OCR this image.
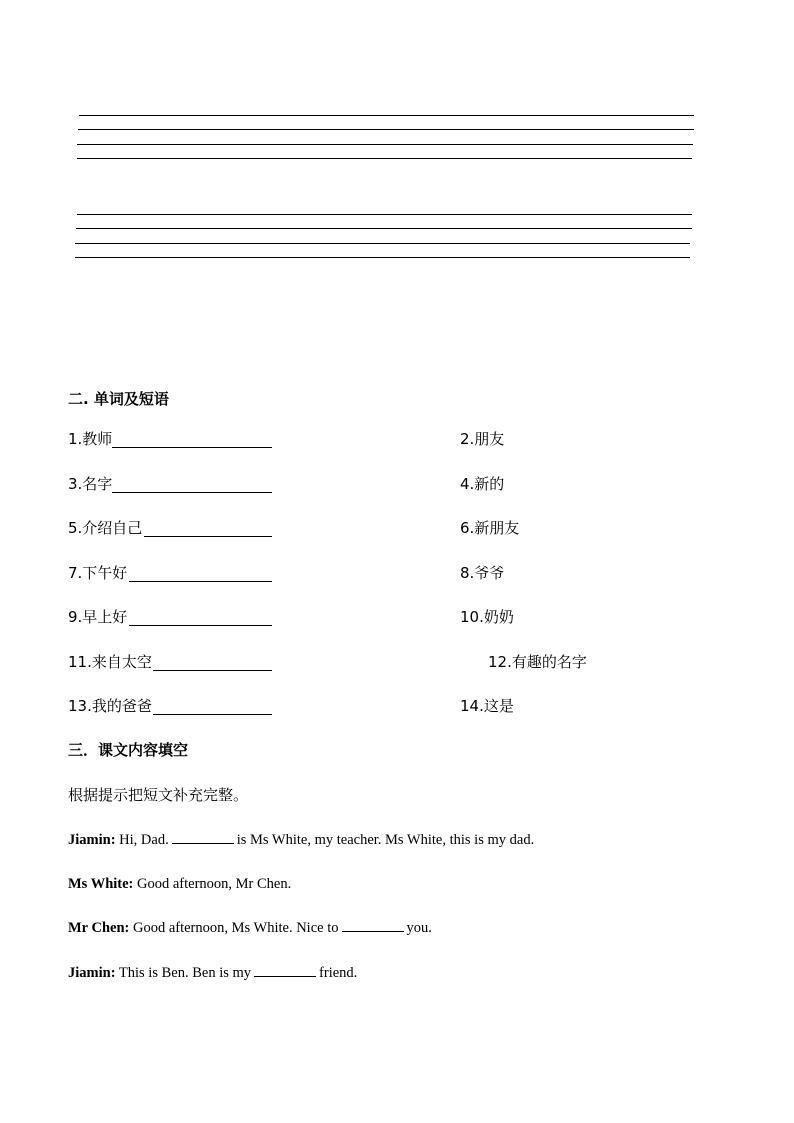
二. 单词及短语
1.教师	2.朋友
3.名字	4.新的
5.介绍自己	6.新朋友
7.下午好	8.爷爷
9.早上好	10.奶奶
11.来自太空	12.有趣的名字
13.我的爸爸	14.这是
三．课文内容填空
根据提示把短文补充完整。
Jiamin: Hi, Dad.	is Ms White, my teacher. Ms White, this is my dad.
Ms White: Good afternoon, Mr Chen.
Mr Chen: Good afternoon, Ms White. Nice to	you.
Jiamin: This is Ben. Ben is my	friend.
